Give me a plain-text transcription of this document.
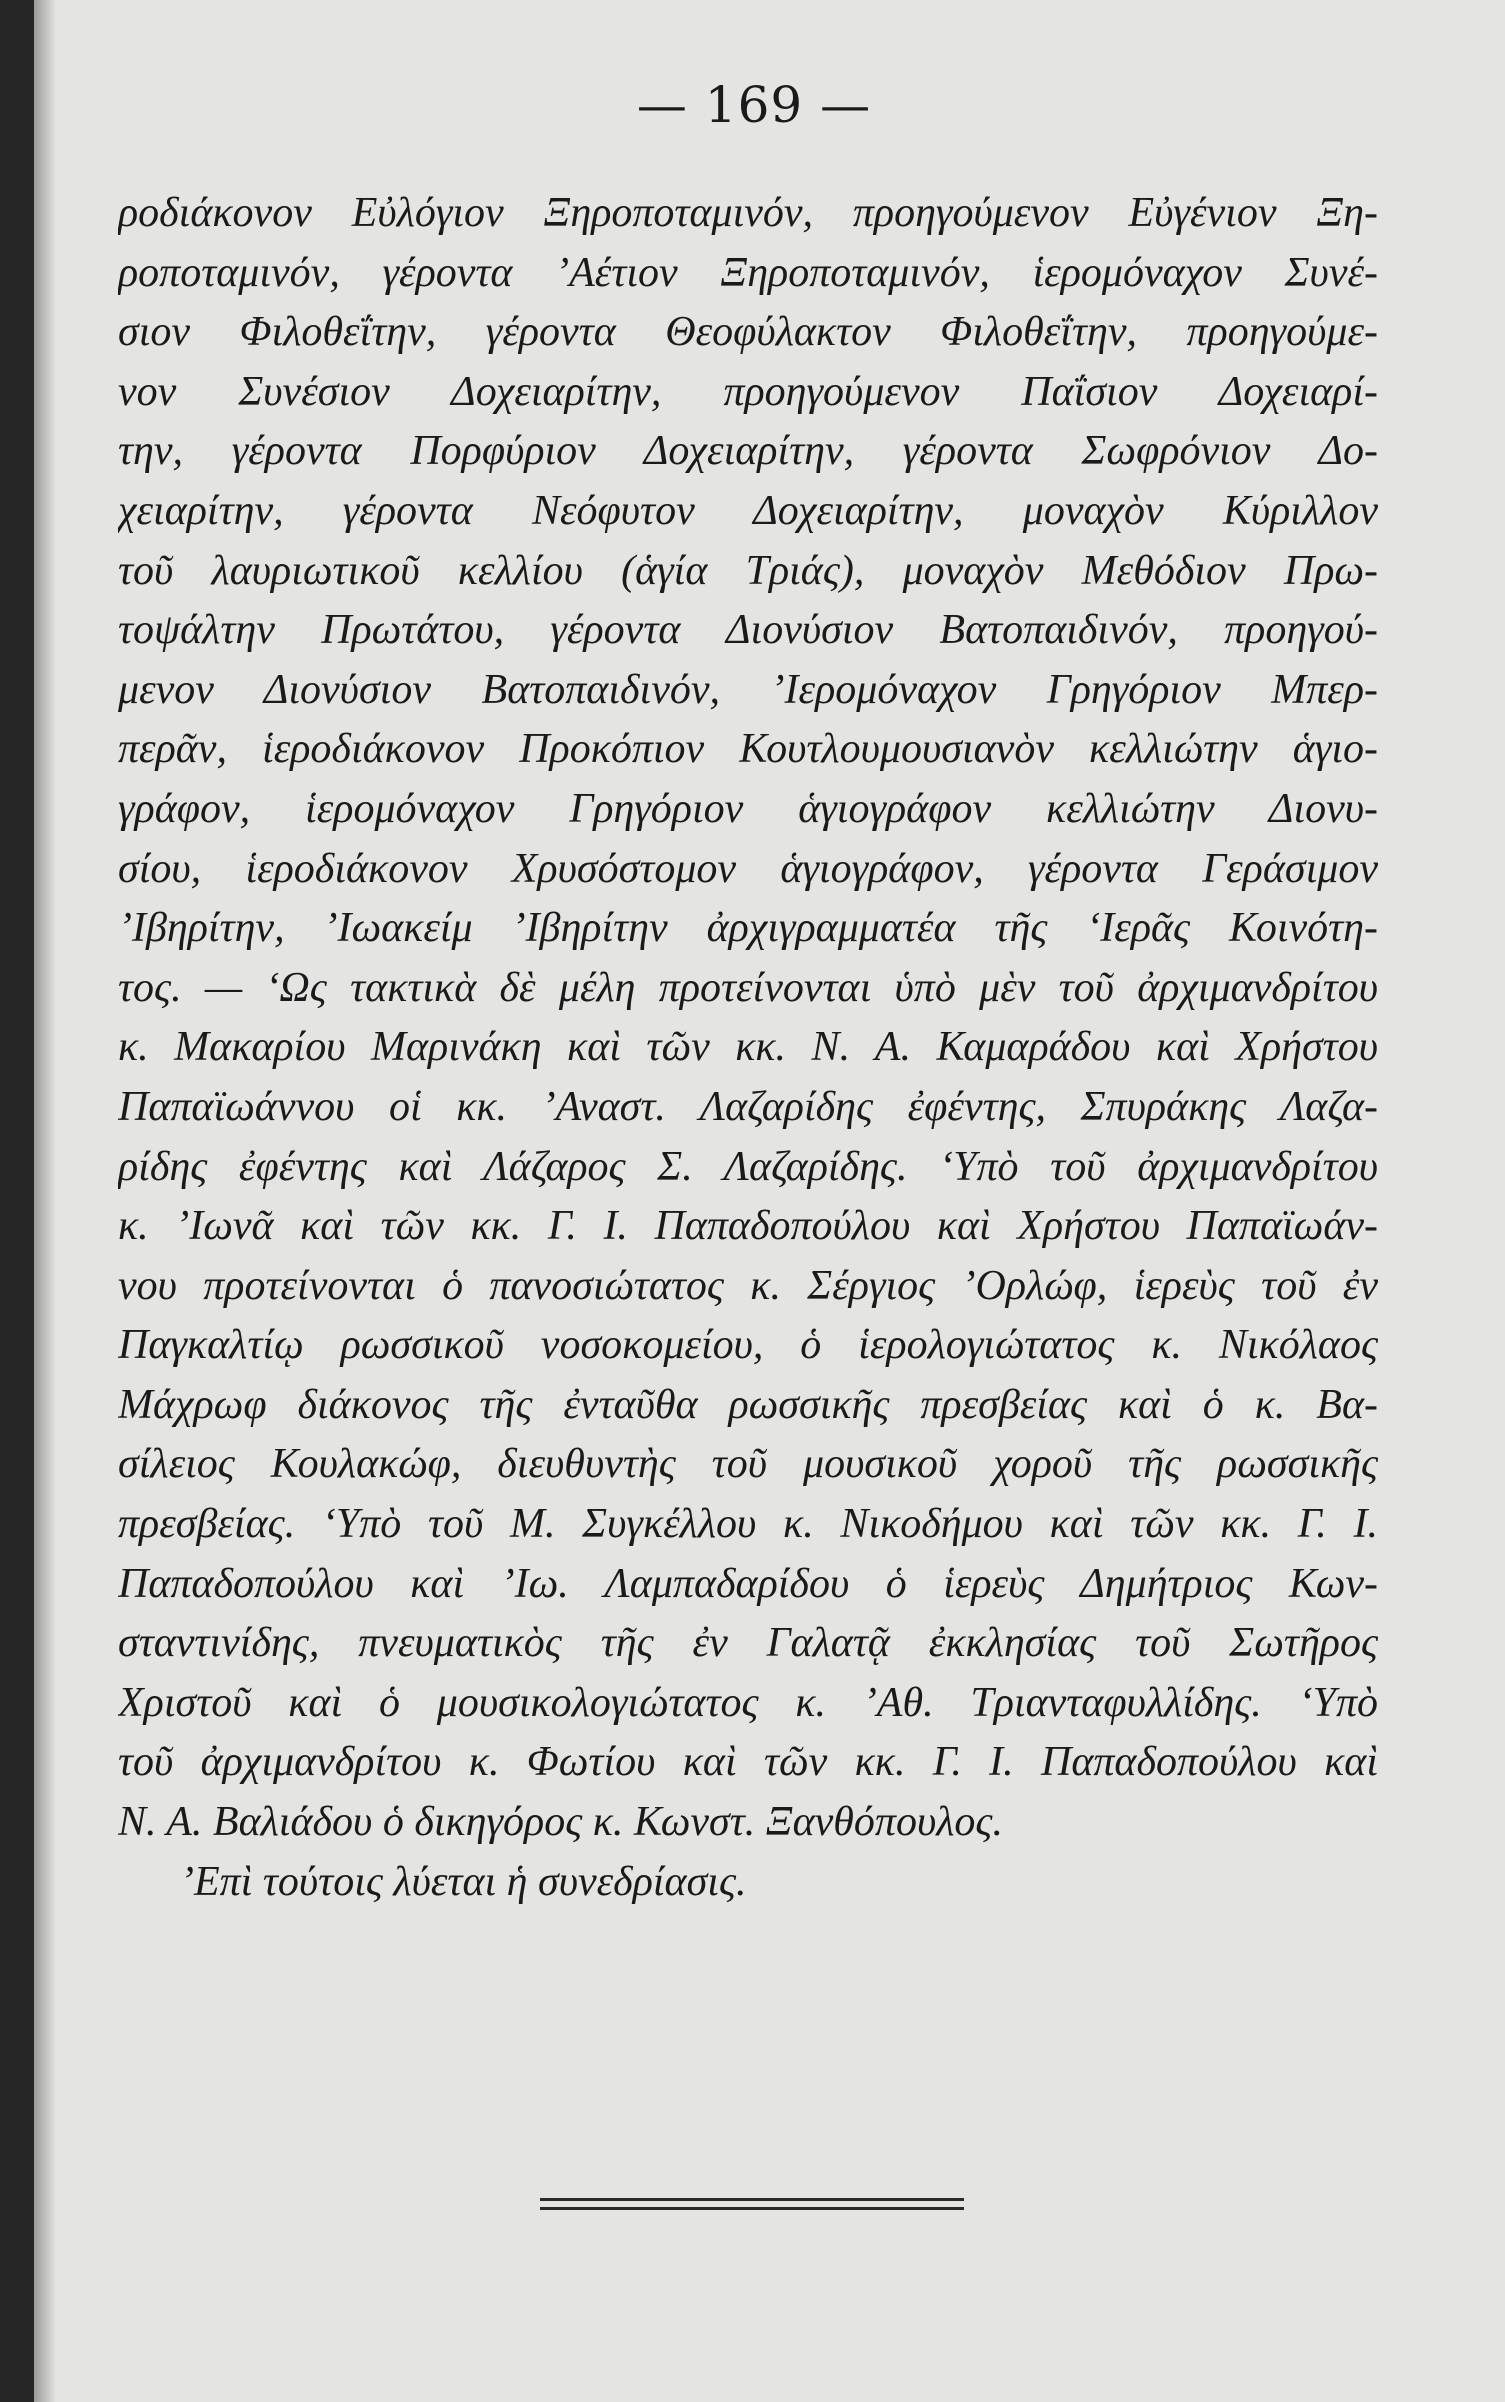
— 169 —
ροδιάκονον Εὐλόγιον Ξηροποταμινόν, προηγούμενον Εὐγένιον Ξη-
ροποταμινόν, γέροντα ’Αέτιον Ξηροποταμινόν, ἱερομόναχον Συνέ-
σιον Φιλοθεΐτην, γέροντα Θεοφύλακτον Φιλοθεΐτην, προηγούμε-
νον Συνέσιον Δοχειαρίτην, προηγούμενον Παΐσιον Δοχειαρί-
την, γέροντα Πορφύριον Δοχειαρίτην, γέροντα Σωφρόνιον Δο-
χειαρίτην, γέροντα Νεόφυτον Δοχειαρίτην, μοναχὸν Κύριλλον
τοῦ λαυριωτικοῦ κελλίου (ἁγία Τριάς), μοναχὸν Μεθόδιον Πρω-
τοψάλτην Πρωτάτου, γέροντα Διονύσιον Βατοπαιδινόν, προηγού-
μενον Διονύσιον Βατοπαιδινόν, ’Ιερομόναχον Γρηγόριον Μπερ-
περᾶν, ἱεροδιάκονον Προκόπιον Κουτλουμουσιανὸν κελλιώτην ἁγιο-
γράφον, ἱερομόναχον Γρηγόριον ἁγιογράφον κελλιώτην Διονυ-
σίου, ἱεροδιάκονον Χρυσόστομον ἁγιογράφον, γέροντα Γεράσιμον
’Ιβηρίτην, ’Ιωακείμ ’Ιβηρίτην ἀρχιγραμματέα τῆς ‘Ιερᾶς Κοινότη-
τος. — ‘Ως τακτικὰ δὲ μέλη προτείνονται ὑπὸ μὲν τοῦ ἀρχιμανδρίτου
κ. Μακαρίου Μαρινάκη καὶ τῶν κκ. Ν. Α. Καμαράδου καὶ Χρήστου
Παπαϊωάννου οἱ κκ. ’Αναστ. Λαζαρίδης ἐφέντης, Σπυράκης Λαζα-
ρίδης ἐφέντης καὶ Λάζαρος Σ. Λαζαρίδης. ‘Υπὸ τοῦ ἀρχιμανδρίτου
κ. ’Ιωνᾶ καὶ τῶν κκ. Γ. Ι. Παπαδοπούλου καὶ Χρήστου Παπαϊωάν-
νου προτείνονται ὁ πανοσιώτατος κ. Σέργιος ’Ορλώφ, ἱερεὺς τοῦ ἐν
Παγκαλτίῳ ρωσσικοῦ νοσοκομείου, ὁ ἱερολογιώτατος κ. Νικόλαος
Μάχρωφ διάκονος τῆς ἐνταῦθα ρωσσικῆς πρεσβείας καὶ ὁ κ. Βα-
σίλειος Κουλακώφ, διευθυντὴς τοῦ μουσικοῦ χοροῦ τῆς ρωσσικῆς
πρεσβείας. ‘Υπὸ τοῦ Μ. Συγκέλλου κ. Νικοδήμου καὶ τῶν κκ. Γ. Ι.
Παπαδοπούλου καὶ ’Ιω. Λαμπαδαρίδου ὁ ἱερεὺς Δημήτριος Κων-
σταντινίδης, πνευματικὸς τῆς ἐν Γαλατᾷ ἐκκλησίας τοῦ Σωτῆρος
Χριστοῦ καὶ ὁ μουσικολογιώτατος κ. ’Αθ. Τριανταφυλλίδης. ‘Υπὸ
τοῦ ἀρχιμανδρίτου κ. Φωτίου καὶ τῶν κκ. Γ. Ι. Παπαδοπούλου καὶ
Ν. Α. Βαλιάδου ὁ δικηγόρος κ. Κωνστ. Ξανθόπουλος.
’Επὶ τούτοις λύεται ἡ συνεδρίασις.
